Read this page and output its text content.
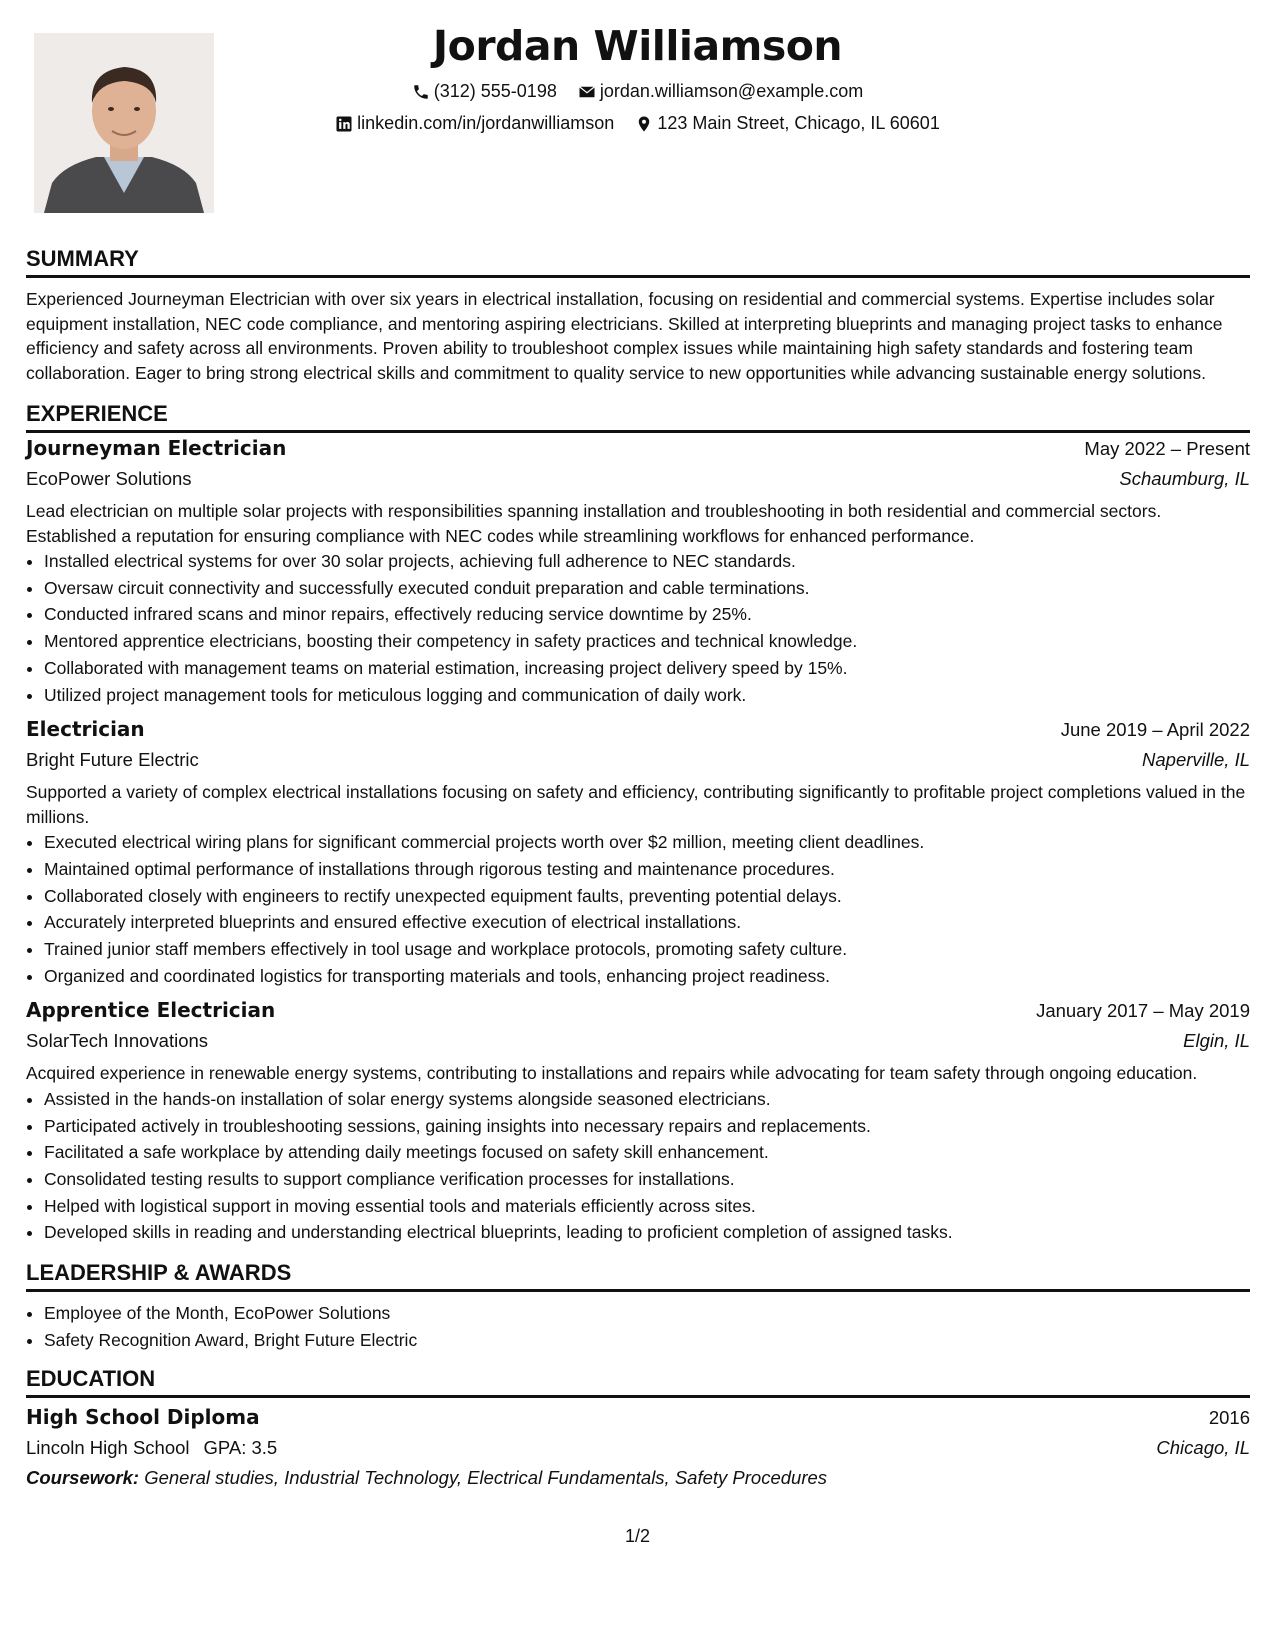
Jordan Williamson
(312) 555-0198
jordan.williamson@example.com
linkedin.com/in/jordanwilliamson
123 Main Street, Chicago, IL 60601
SUMMARY
Experienced Journeyman Electrician with over six years in electrical installation, focusing on residential and commercial systems. Expertise includes solar equipment installation, NEC code compliance, and mentoring aspiring electricians. Skilled at interpreting blueprints and managing project tasks to enhance efficiency and safety across all environments. Proven ability to troubleshoot complex issues while maintaining high safety standards and fostering team collaboration. Eager to bring strong electrical skills and commitment to quality service to new opportunities while advancing sustainable energy solutions.
EXPERIENCE
Journeyman Electrician	May 2022 – Present
EcoPower Solutions	Schaumburg, IL
Lead electrician on multiple solar projects with responsibilities spanning installation and troubleshooting in both residential and commercial sectors. Established a reputation for ensuring compliance with NEC codes while streamlining workflows for enhanced performance.
• Installed electrical systems for over 30 solar projects, achieving full adherence to NEC standards.
• Oversaw circuit connectivity and successfully executed conduit preparation and cable terminations.
• Conducted infrared scans and minor repairs, effectively reducing service downtime by 25%.
• Mentored apprentice electricians, boosting their competency in safety practices and technical knowledge.
• Collaborated with management teams on material estimation, increasing project delivery speed by 15%.
• Utilized project management tools for meticulous logging and communication of daily work.
Electrician	June 2019 – April 2022
Bright Future Electric	Naperville, IL
Supported a variety of complex electrical installations focusing on safety and efficiency, contributing significantly to profitable project completions valued in the millions.
• Executed electrical wiring plans for significant commercial projects worth over $2 million, meeting client deadlines.
• Maintained optimal performance of installations through rigorous testing and maintenance procedures.
• Collaborated closely with engineers to rectify unexpected equipment faults, preventing potential delays.
• Accurately interpreted blueprints and ensured effective execution of electrical installations.
• Trained junior staff members effectively in tool usage and workplace protocols, promoting safety culture.
• Organized and coordinated logistics for transporting materials and tools, enhancing project readiness.
Apprentice Electrician	January 2017 – May 2019
SolarTech Innovations	Elgin, IL
Acquired experience in renewable energy systems, contributing to installations and repairs while advocating for team safety through ongoing education.
• Assisted in the hands-on installation of solar energy systems alongside seasoned electricians.
• Participated actively in troubleshooting sessions, gaining insights into necessary repairs and replacements.
• Facilitated a safe workplace by attending daily meetings focused on safety skill enhancement.
• Consolidated testing results to support compliance verification processes for installations.
• Helped with logistical support in moving essential tools and materials efficiently across sites.
• Developed skills in reading and understanding electrical blueprints, leading to proficient completion of assigned tasks.
LEADERSHIP & AWARDS
• Employee of the Month, EcoPower Solutions
• Safety Recognition Award, Bright Future Electric
EDUCATION
High School Diploma	2016
Lincoln High School GPA: 3.5	Chicago, IL
Coursework: General studies, Industrial Technology, Electrical Fundamentals, Safety Procedures
1/2
